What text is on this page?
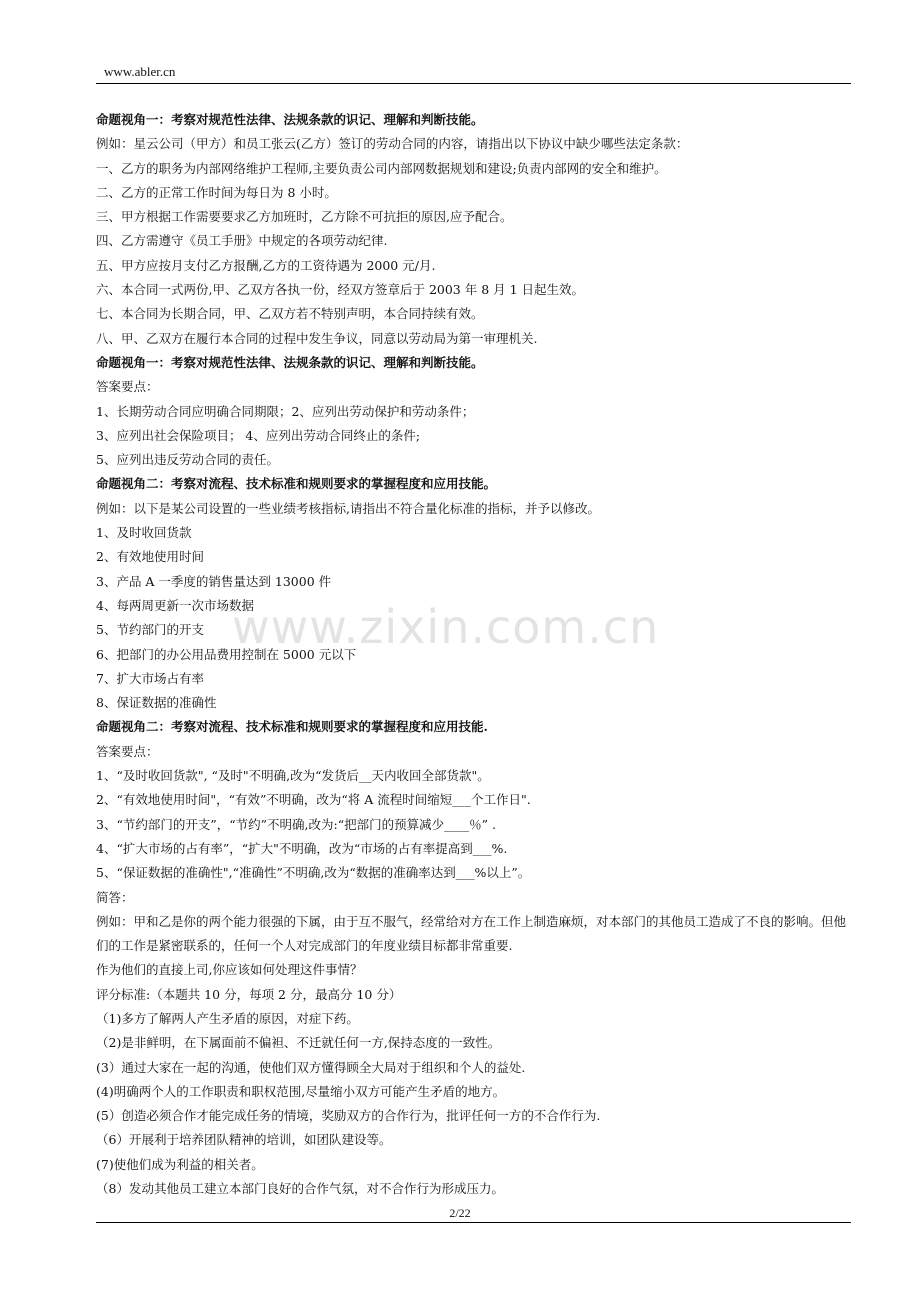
www.abler.cn
www.zixin.com.cn
命题视角一：考察对规范性法律、法规条款的识记、理解和判断技能。
例如：星云公司（甲方）和员工张云(乙方）签订的劳动合同的内容，请指出以下协议中缺少哪些法定条款：
一、乙方的职务为内部网络维护工程师,主要负责公司内部网数据规划和建设;负责内部网的安全和维护。
二、乙方的正常工作时间为每日为 8 小时。
三、甲方根据工作需要要求乙方加班时，乙方除不可抗拒的原因,应予配合。
四、乙方需遵守《员工手册》中规定的各项劳动纪律.
五、甲方应按月支付乙方报酬,乙方的工资待遇为 2000 元/月.
六、本合同一式两份,甲、乙双方各执一份，经双方签章后于 2003 年 8 月 1 日起生效。
七、本合同为长期合同，甲、乙双方若不特别声明，本合同持续有效。
八、甲、乙双方在履行本合同的过程中发生争议，同意以劳动局为第一审理机关.
命题视角一：考察对规范性法律、法规条款的识记、理解和判断技能。
答案要点：
1、长期劳动合同应明确合同期限；2、应列出劳动保护和劳动条件；
3、应列出社会保险项目； 4、应列出劳动合同终止的条件;
5、应列出违反劳动合同的责任。
命题视角二：考察对流程、技术标准和规则要求的掌握程度和应用技能。
例如：以下是某公司设置的一些业绩考核指标,请指出不符合量化标准的指标，并予以修改。
1、及时收回货款
2、有效地使用时间
3、产品 A 一季度的销售量达到 13000 件
4、每两周更新一次市场数据
5、节约部门的开支
6、把部门的办公用品费用控制在 5000 元以下
7、扩大市场占有率
8、保证数据的准确性
命题视角二：考察对流程、技术标准和规则要求的掌握程度和应用技能.
答案要点：
1、“及时收回货款", “及时"不明确,改为“发货后__天内收回全部货款"。
2、“有效地使用时间"，“有效”不明确，改为“将 A 流程时间缩短___个工作日".
3、“节约部门的开支”，“节约”不明确,改为:“把部门的预算减少____％” .
4、“扩大市场的占有率”，“扩大"不明确，改为“市场的占有率提高到___%.
5、“保证数据的准确性",“准确性”不明确,改为“数据的准确率达到___%以上”。
简答：
例如：甲和乙是你的两个能力很强的下属，由于互不服气，经常给对方在工作上制造麻烦，对本部门的其他员工造成了不良的影响。但他们的工作是紧密联系的，任何一个人对完成部门的年度业绩目标都非常重要.
作为他们的直接上司,你应该如何处理这件事情？
评分标准:（本题共 10 分，每项 2 分，最高分 10 分）
（1)多方了解两人产生矛盾的原因，对症下药。
（2)是非鲜明，在下属面前不偏袒、不迁就任何一方,保持态度的一致性。
(3）通过大家在一起的沟通，使他们双方懂得顾全大局对于组织和个人的益处.
(4)明确两个人的工作职责和职权范围,尽量缩小双方可能产生矛盾的地方。
(5）创造必须合作才能完成任务的情境，奖励双方的合作行为，批评任何一方的不合作行为.
（6）开展利于培养团队精神的培训，如团队建设等。
(7)使他们成为利益的相关者。
（8）发动其他员工建立本部门良好的合作气氛，对不合作行为形成压力。
2/22
